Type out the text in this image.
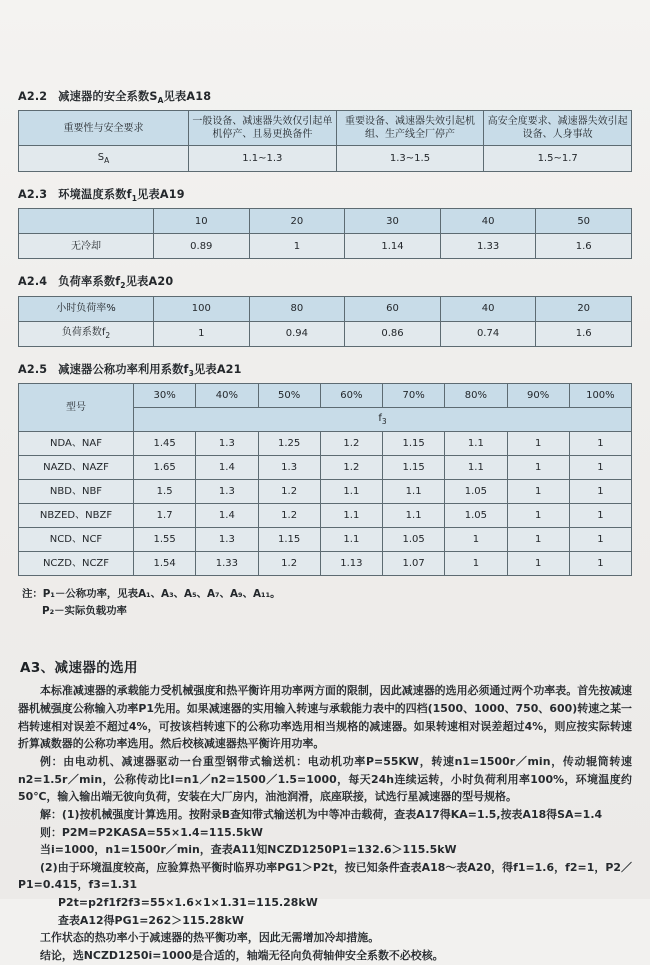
A2.2 减速器的安全系数$S_A$见表A18
重要性与安全要求	一般设备、减速器失效仅引起单机停产、且易更换备件	重要设备、减速器失效引起机组、生产线全厂停产	高安全度要求、减速器失效引起设备、人身事故
$S_A$	1.1~1.3	1.3~1.5	1.5~1.7
A2.3 环境温度系数$f_1$见表A19
	10	20	30	40	50
无冷却	0.89	1	1.14	1.33	1.6
A2.4 负荷率系数$f_2$见表A20
小时负荷率%	100	80	60	40	20
负荷系数$f_2$	1	0.94	0.86	0.74	1.6
A2.5 减速器公称功率利用系数$f_3$见表A21
型号	30%	40%	50%	60%	70%	80%	90%	100%
	$f_3$
NDA、NAF	1.45	1.3	1.25	1.2	1.15	1.1	1	1
NAZD、NAZF	1.65	1.4	1.3	1.2	1.15	1.1	1	1
NBD、NBF	1.5	1.3	1.2	1.1	1.1	1.05	1	1
NBZED、NBZF	1.7	1.4	1.2	1.1	1.1	1.05	1	1
NCD、NCF	1.55	1.3	1.15	1.1	1.05	1	1	1
NCZD、NCZF	1.54	1.33	1.2	1.13	1.07	1	1	1
注：P₁－公称功率，见表A₁、A₃、A₅、A₇、A₉、A₁₁。
P₂－实际负载功率
A3、减速器的选用

本标准减速器的承载能力受机械强度和热平衡许用功率两方面的限制，因此减速器的选用必须通过两个功率表。首先按减速器机械强度公称输入功率P1先用。如果减速器的实用输入转速与承载能力表中的四档(1500、1000、750、600)转速之某一档转速相对误差不超过4%，可按该档转速下的公称功率选用相当规格的减速器。如果转速相对误差超过4%，则应按实际转速折算减数器的公称功率选用。然后校核减速器热平衡许用功率。

例：由电动机、减速器驱动一台重型钢带式输送机：电动机功率P=55KW，转速n1=1500r／min，传动辊筒转速n2=1.5r／min，公称传动比I=n1／n2=1500／1.5=1000，每天24h连续运转，小时负荷利用率100%，环境温度约50℃，输入输出端无彼向负荷，安装在大厂房内，油池润滑，底座联接，试选行星减速器的型号规格。

解：(1)按机械强度计算选用。按附录B查知带式输送机为中等冲击载荷，查表A17得KA=1.5,按表A18得SA=1.4

则：P2M=P2KASA=55×1.4=115.5kW

当i=1000，n1=1500r／min，查表A11知NCZD1250P1=132.6＞115.5kW

(2)由于环境温度较高，应验算热平衡时临界功率PG1＞P2t，按已知条件查表A18～表A20，得f1=1.6，f2=1，P2／P1=0.415，f3=1.31

P2t=p2f1f2f3=55×1.6×1×1.31=115.28kW

查表A12得PG1=262＞115.28kW

工作状态的热功率小于减速器的热平衡功率，因此无需增加冷却措施。

结论，选NCZD1250i=1000是合适的，轴端无径向负荷轴伸安全系数不必校核。
